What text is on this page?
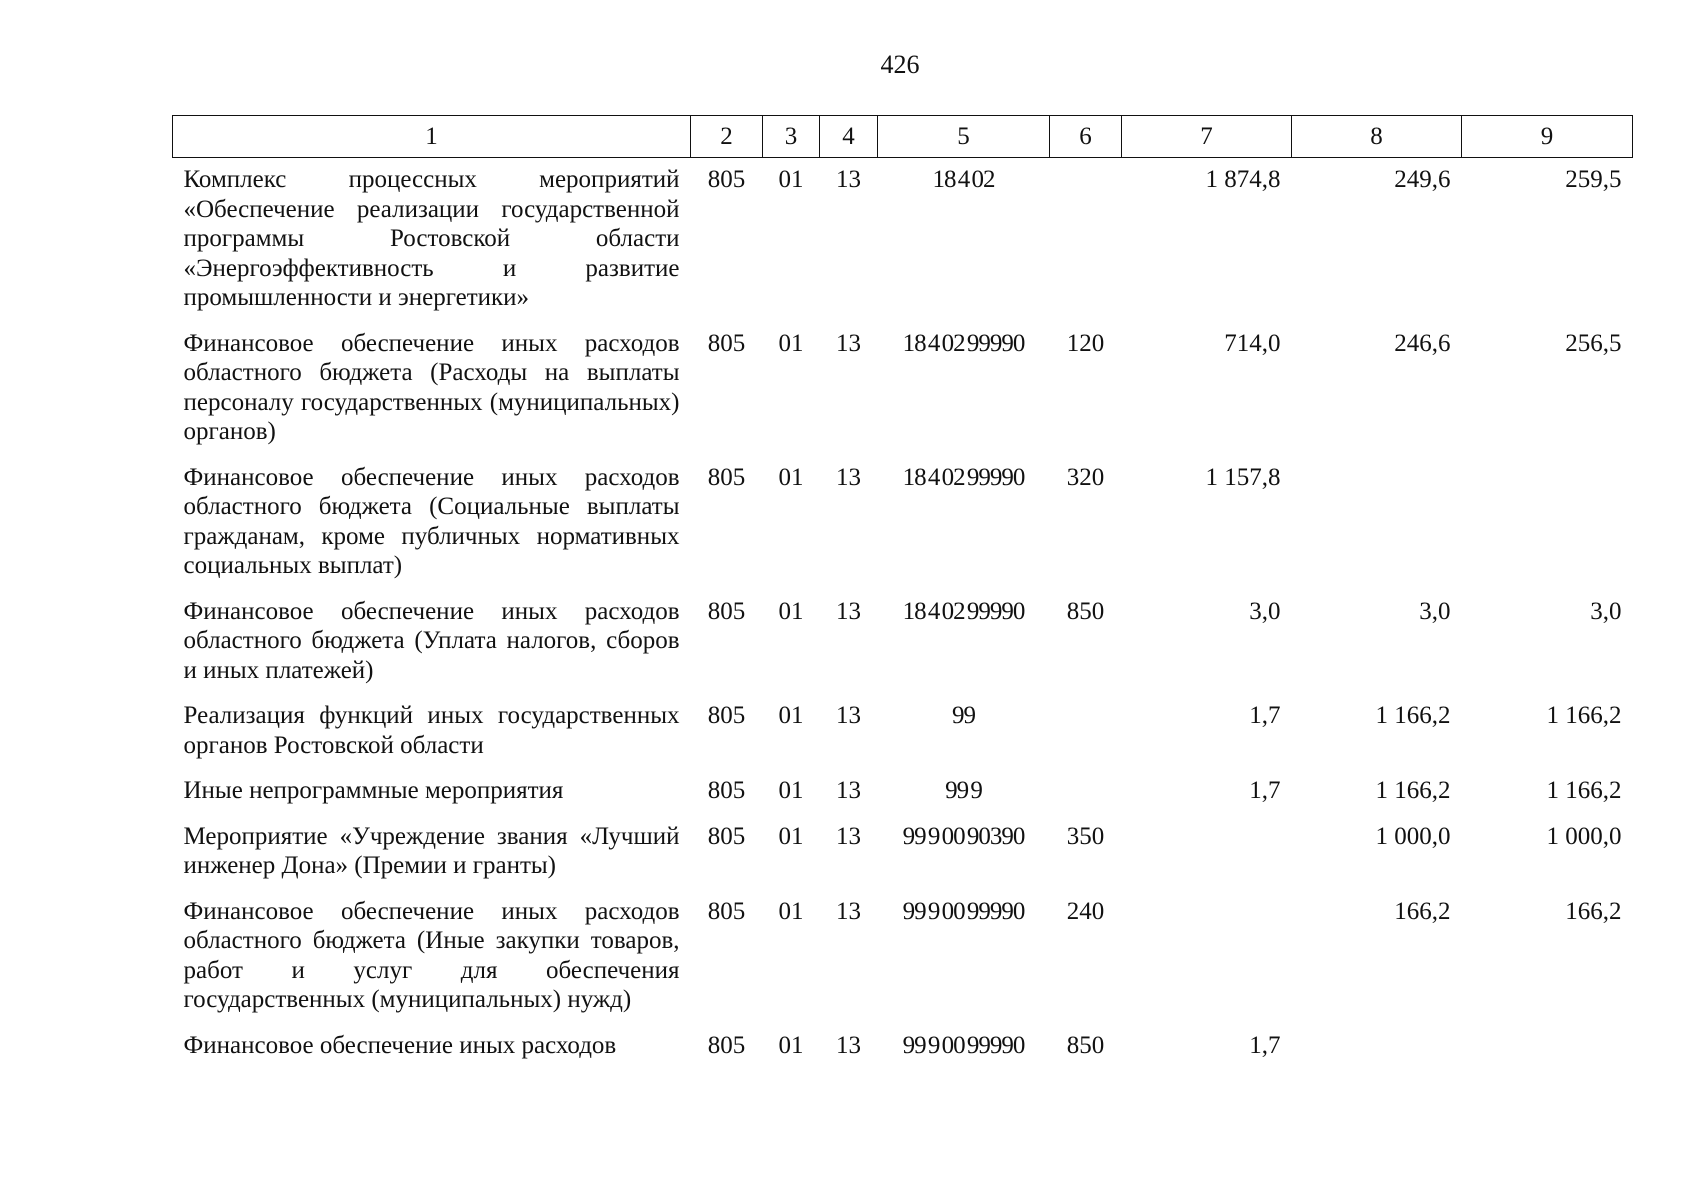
426
1	2	3	4	5	6	7	8	9
Комплекс процессных мероприятий «Обеспечение реализации государственной программы Ростовской области «Энергоэффективность и развитие промышленности и энергетики»	805	01	13	18 4 02		1 874,8	249,6	259,5
Финансовое обеспечение иных расходов областного бюджета (Расходы на выплаты персоналу государственных (муниципальных) органов)	805	01	13	18 4 02 99990	120	714,0	246,6	256,5
Финансовое обеспечение иных расходов областного бюджета (Социальные выплаты гражданам, кроме публичных нормативных социальных выплат)	805	01	13	18 4 02 99990	320	1 157,8		
Финансовое обеспечение иных расходов областного бюджета (Уплата налогов, сборов и иных платежей)	805	01	13	18 4 02 99990	850	3,0	3,0	3,0
Реализация функций иных государственных органов Ростовской области	805	01	13	99		1,7	1 166,2	1 166,2
Иные непрограммные мероприятия	805	01	13	99 9		1,7	1 166,2	1 166,2
Мероприятие «Учреждение звания «Лучший инженер Дона» (Премии и гранты)	805	01	13	99 9 00 90390	350		1 000,0	1 000,0
Финансовое обеспечение иных расходов областного бюджета (Иные закупки товаров, работ и услуг для обеспечения государственных (муниципальных) нужд)	805	01	13	99 9 00 99990	240		166,2	166,2
Финансовое обеспечение иных расходов	805	01	13	99 9 00 99990	850	1,7		
